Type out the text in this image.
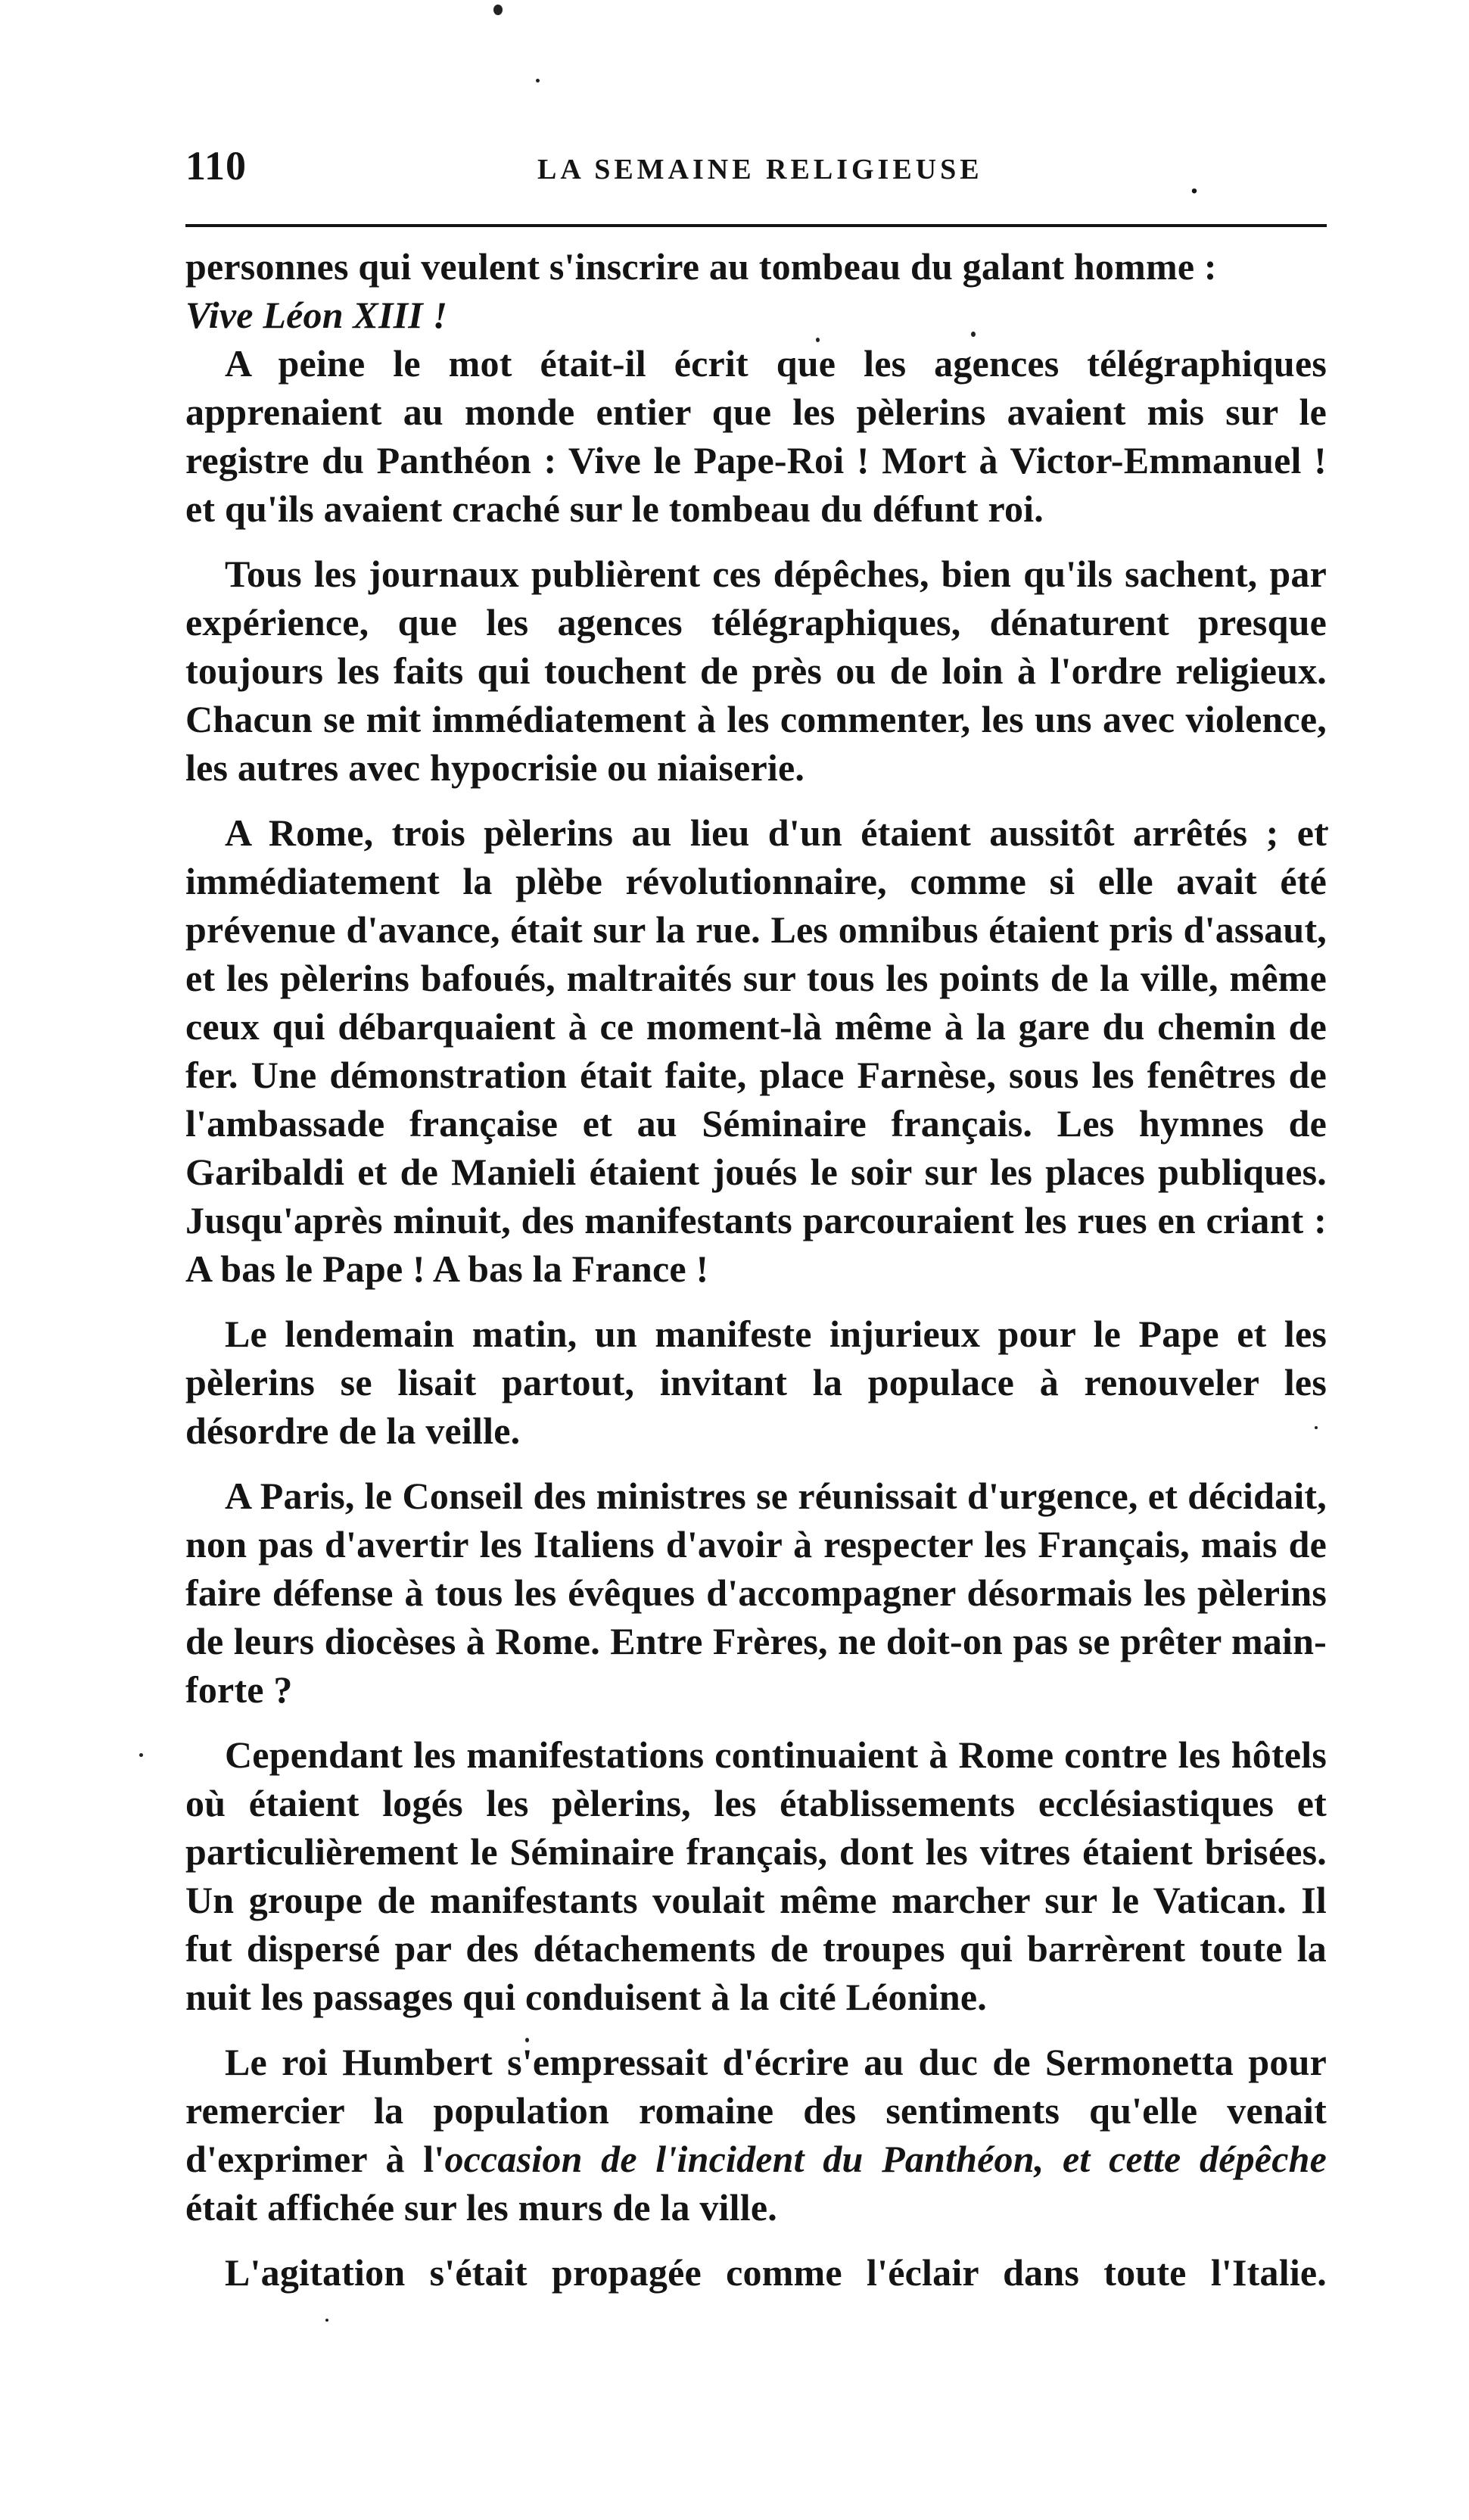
110	LA SEMAINE RELIGIEUSE	.

personnes qui veulent s'inscrire au tombeau du galant homme :
Vive Léon XIII !

A peine le mot était-il écrit que les agences télégraphiques apprenaient au monde entier que les pèlerins avaient mis sur le registre du Panthéon : Vive le Pape-Roi ! Mort à Victor-Emmanuel ! et qu'ils avaient craché sur le tombeau du défunt roi.

Tous les journaux publièrent ces dépêches, bien qu'ils sachent, par expérience, que les agences télégraphiques, dénaturent presque toujours les faits qui touchent de près ou de loin à l'ordre religieux. Chacun se mit immédiatement à les commenter, les uns avec violence, les autres avec hypocrisie ou niaiserie.

A Rome, trois pèlerins au lieu d'un étaient aussitôt arrêtés ; et immédiatement la plèbe révolutionnaire, comme si elle avait été prévenue d'avance, était sur la rue. Les omnibus étaient pris d'assaut, et les pèlerins bafoués, maltraités sur tous les points de la ville, même ceux qui débarquaient à ce moment-là même à la gare du chemin de fer. Une démonstration était faite, place Farnèse, sous les fenêtres de l'ambassade française et au Séminaire français. Les hymnes de Garibaldi et de Manieli étaient joués le soir sur les places publiques. Jusqu'après minuit, des manifestants parcouraient les rues en criant : A bas le Pape ! A bas la France !

Le lendemain matin, un manifeste injurieux pour le Pape et les pèlerins se lisait partout, invitant la populace à renouveler les désordre de la veille.

A Paris, le Conseil des ministres se réunissait d'urgence, et décidait, non pas d'avertir les Italiens d'avoir à respecter les Français, mais de faire défense à tous les évêques d'accompagner désormais les pèlerins de leurs diocèses à Rome. Entre Frères, ne doit-on pas se prêter main-forte ?

Cependant les manifestations continuaient à Rome contre les hôtels où étaient logés les pèlerins, les établissements ecclésiastiques et particulièrement le Séminaire français, dont les vitres étaient brisées. Un groupe de manifestants voulait même marcher sur le Vatican. Il fut dispersé par des détachements de troupes qui barrèrent toute la nuit les passages qui conduisent à la cité Léonine.

Le roi Humbert s'empressait d'écrire au duc de Sermonetta pour remercier la population romaine des sentiments qu'elle venait d'exprimer à l'occasion de l'incident du Panthéon, et cette dépêche était affichée sur les murs de la ville.

L'agitation s'était propagée comme l'éclair dans toute l'Italie.
